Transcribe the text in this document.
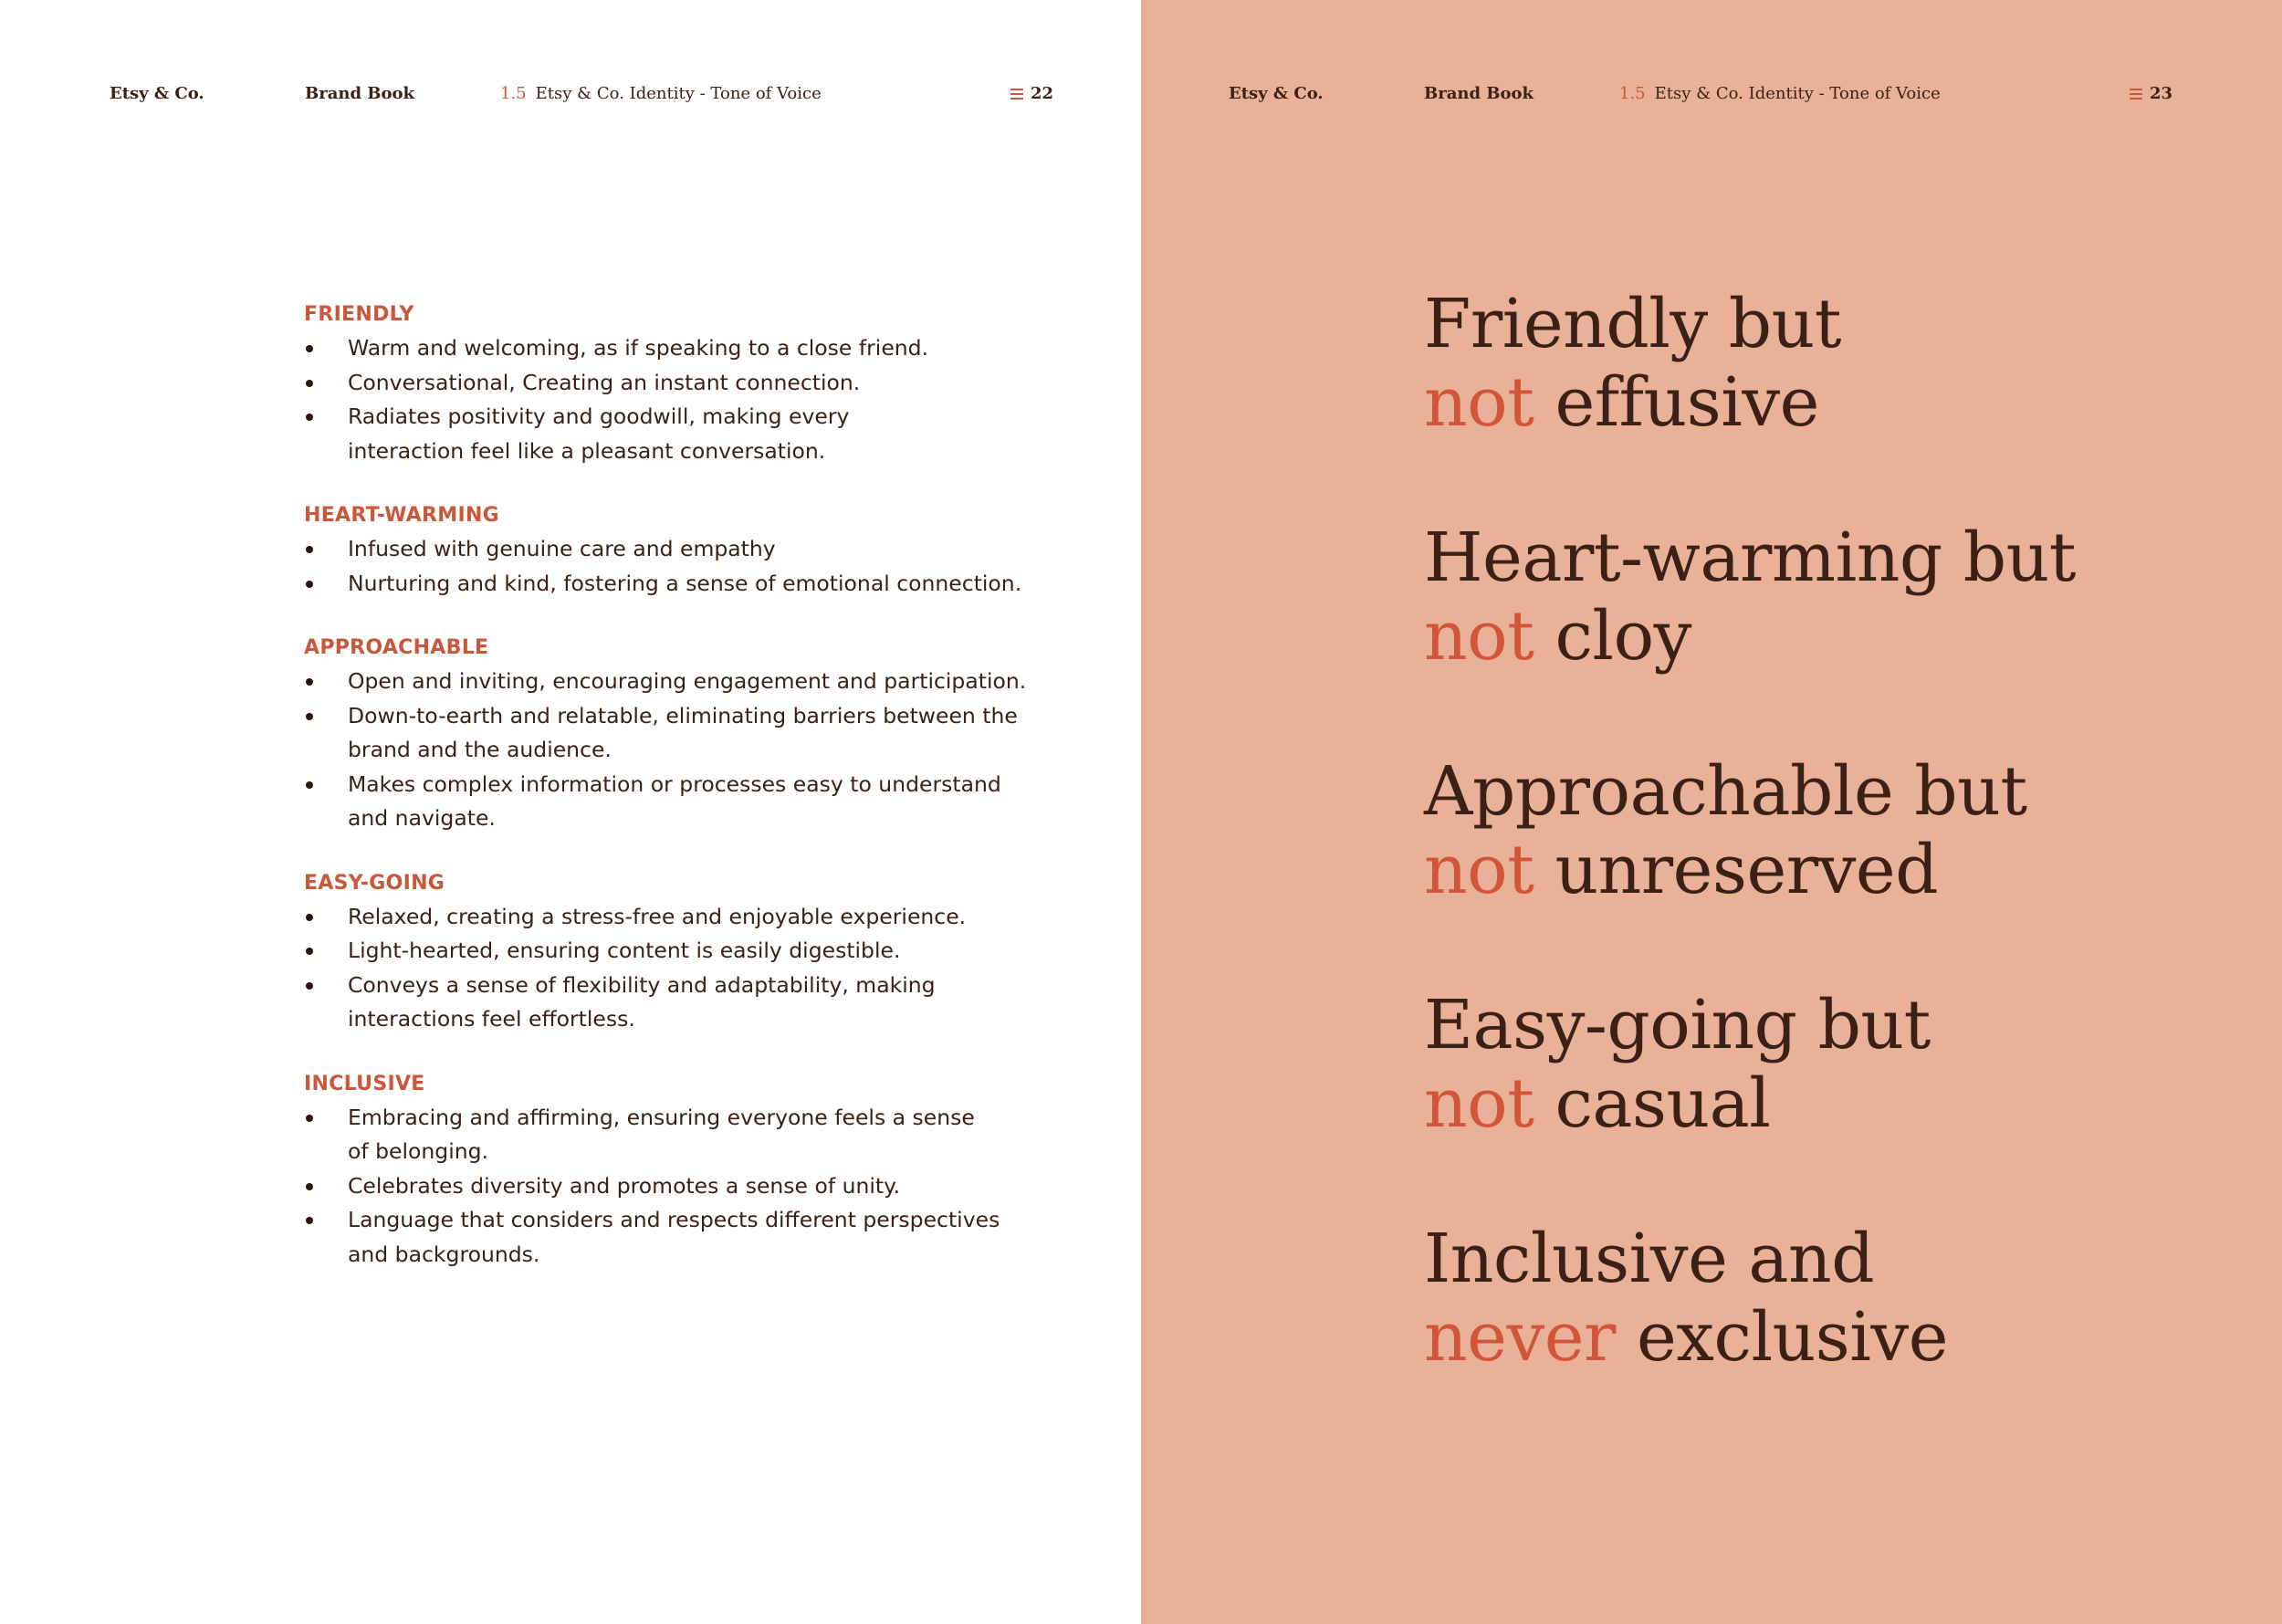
Etsy & Co.	Brand Book	1.5 Etsy & Co. Identity - Tone of Voice	22
FRIENDLY
Warm and welcoming, as if speaking to a close friend.
Conversational, Creating an instant connection.
Radiates positivity and goodwill, making every interaction feel like a pleasant conversation.
HEART-WARMING
Infused with genuine care and empathy
Nurturing and kind, fostering a sense of emotional connection.
APPROACHABLE
Open and inviting, encouraging engagement and participation.
Down-to-earth and relatable, eliminating barriers between the brand and the audience.
Makes complex information or processes easy to understand and navigate.
EASY-GOING
Relaxed, creating a stress-free and enjoyable experience.
Light-hearted, ensuring content is easily digestible.
Conveys a sense of flexibility and adaptability, making interactions feel effortless.
INCLUSIVE
Embracing and affirming, ensuring everyone feels a sense of belonging.
Celebrates diversity and promotes a sense of unity.
Language that considers and respects different perspectives and backgrounds.
Etsy & Co.	Brand Book	1.5 Etsy & Co. Identity - Tone of Voice	23
Friendly but
not effusive
Heart-warming but
not cloy
Approachable but
not unreserved
Easy-going but
not casual
Inclusive and
never exclusive
